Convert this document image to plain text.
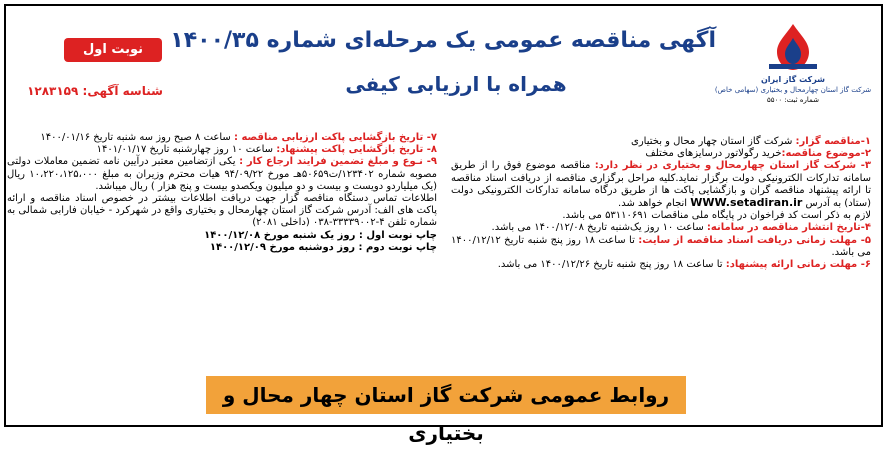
شرکت گاز ایران
شرکت گاز استان چهارمحال و بختیاری (سهامی خاص)
شماره ثبت: ۵۵۰۰
آگهی مناقصه عمومی یک مرحله‌ای شماره ۱۴۰۰/۳۵
همراه با ارزیابی کیفی
نوبت اول
شناسه آگهی: ۱۲۸۳۱۵۹

۱-مناقصه گزار: شرکت گاز استان چهار محال و بختیاری

۲-موضوع مناقصه:خرید رگولاتور درسایزهای مختلف

۳- شرکت گاز استان چهارمحال و بختیاری در نظر دارد: مناقصه موضوع فوق را از طریق سامانه تدارکات الکترونیکی دولت برگزار نماید.کلیه مراحل برگزاری مناقصه از دریافت اسناد مناقصه تا ارائه پیشنهاد مناقصه گران و بازگشایی پاکت ها از طریق درگاه سامانه تدارکات الکترونیکی دولت (ستاد) به آدرس WWW.setadiran.ir انجام خواهد شد.

لازم به ذکر است کد فراخوان در پایگاه ملی مناقصات ۵۳۱۱۰۶۹۱ می باشد.

۴-تاریخ انتشار مناقصه در سامانه: ساعت ۱۰ روز یک‌شنبه تاریخ ۱۴۰۰/۱۲/۰۸ می باشد.

۵- مهلت زمانی دریافت اسناد مناقصه از سایت: تا ساعت ۱۸ روز پنج شنبه تاریخ ۱۴۰۰/۱۲/۱۲ می باشد.

۶- مهلت زمانی ارائه پیشنهاد: تا ساعت ۱۸ روز پنج شنبه تاریخ ۱۴۰۰/۱۲/۲۶ می باشد.

۷- تاریخ بازگشایی پاکت ارزیابی مناقصه : ساعت ۸ صبح روز سه شنبه تاریخ ۱۴۰۰/۰۱/۱۶

۸- تاریخ بازگشایی پاکت پیشنهاد: ساعت ۱۰ روز چهارشنبه تاریخ ۱۴۰۱/۰۱/۱۷

۹- نـوع و مبلغ تضمین فرایند ارجاع کار : یکی ازتضامین معتبر درآیین نامه تضمین معاملات دولتی مصوبه شماره ۱۲۳۴۰۲/ت۵۰۶۵۹هـ مورخ ۹۴/۰۹/۲۲ هیات محترم وزیران به مبلغ ۱۰،۲۲۰،۱۲۵،۰۰۰ ریال (یک میلیاردو دویست و بیست و دو میلیون ویکصدو بیست و پنج هزار ) ریال میباشد.

اطلاعات تماس دستگاه مناقصه گزار جهت دریافت اطلاعات بیشتر در خصوص اسناد مناقصه و ارائه پاکت های الف: آدرس شرکت گاز استان چهارمحال و بختیاری واقع در شهرکرد - خیابان فارابی شمالی به شماره تلفن ۴-۳۳۳۳۹۰۰۲-۰۳۸ (داخلی ۲۰۸۱)

چاپ نوبت اول : روز یک شنبه مورخ ۱۴۰۰/۱۲/۰۸

چاپ نوبت دوم : روز دوشنبه مورخ ۱۴۰۰/۱۲/۰۹

روابط عمومی شرکت گاز استان چهار محال و بختیاری
